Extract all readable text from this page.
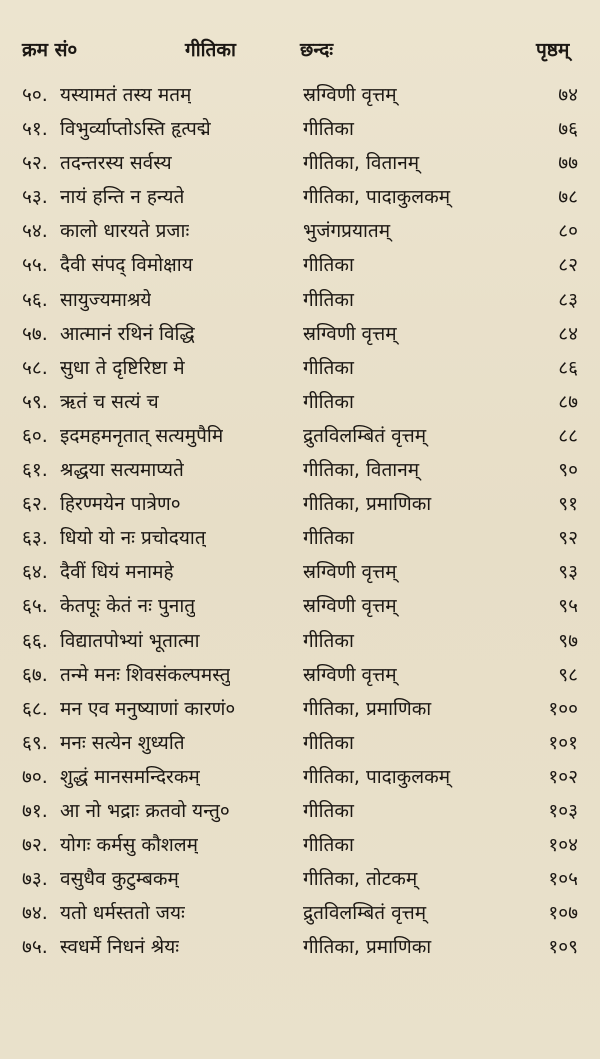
क्रम सं०	गीतिका	छन्दः	पृष्ठम्
५०. यस्यामतं तस्य मतम्	स्रग्विणी वृत्तम्	७४
५१. विभुर्व्याप्तोऽस्ति हृत्पद्मे	गीतिका	७६
५२. तदन्तरस्य सर्वस्य	गीतिका, वितानम्	७७
५३. नायं हन्ति न हन्यते	गीतिका, पादाकुलकम्	७८
५४. कालो धारयते प्रजाः	भुजंगप्रयातम्	८०
५५. दैवी संपद् विमोक्षाय	गीतिका	८२
५६. सायुज्यमाश्रये	गीतिका	८३
५७. आत्मानं रथिनं विद्धि	स्रग्विणी वृत्तम्	८४
५८. सुधा ते दृष्टिरिष्टा मे	गीतिका	८६
५९. ऋतं च सत्यं च	गीतिका	८७
६०. इदमहमनृतात् सत्यमुपैमि	द्रुतविलम्बितं वृत्तम्	८८
६१. श्रद्धया सत्यमाप्यते	गीतिका, वितानम्	९०
६२. हिरण्मयेन पात्रेण०	गीतिका, प्रमाणिका	९१
६३. धियो यो नः प्रचोदयात्	गीतिका	९२
६४. दैवीं धियं मनामहे	स्रग्विणी वृत्तम्	९३
६५. केतपूः केतं नः पुनातु	स्रग्विणी वृत्तम्	९५
६६. विद्यातपोभ्यां भूतात्मा	गीतिका	९७
६७. तन्मे मनः शिवसंकल्पमस्तु	स्रग्विणी वृत्तम्	९८
६८. मन एव मनुष्याणां कारणं०	गीतिका, प्रमाणिका	१००
६९. मनः सत्येन शुध्यति	गीतिका	१०१
७०. शुद्धं मानसमन्दिरकम्	गीतिका, पादाकुलकम्	१०२
७१. आ नो भद्राः क्रतवो यन्तु०	गीतिका	१०३
७२. योगः कर्मसु कौशलम्	गीतिका	१०४
७३. वसुधैव कुटुम्बकम्	गीतिका, तोटकम्	१०५
७४. यतो धर्मस्ततो जयः	द्रुतविलम्बितं वृत्तम्	१०७
७५. स्वधर्मे निधनं श्रेयः	गीतिका, प्रमाणिका	१०९
